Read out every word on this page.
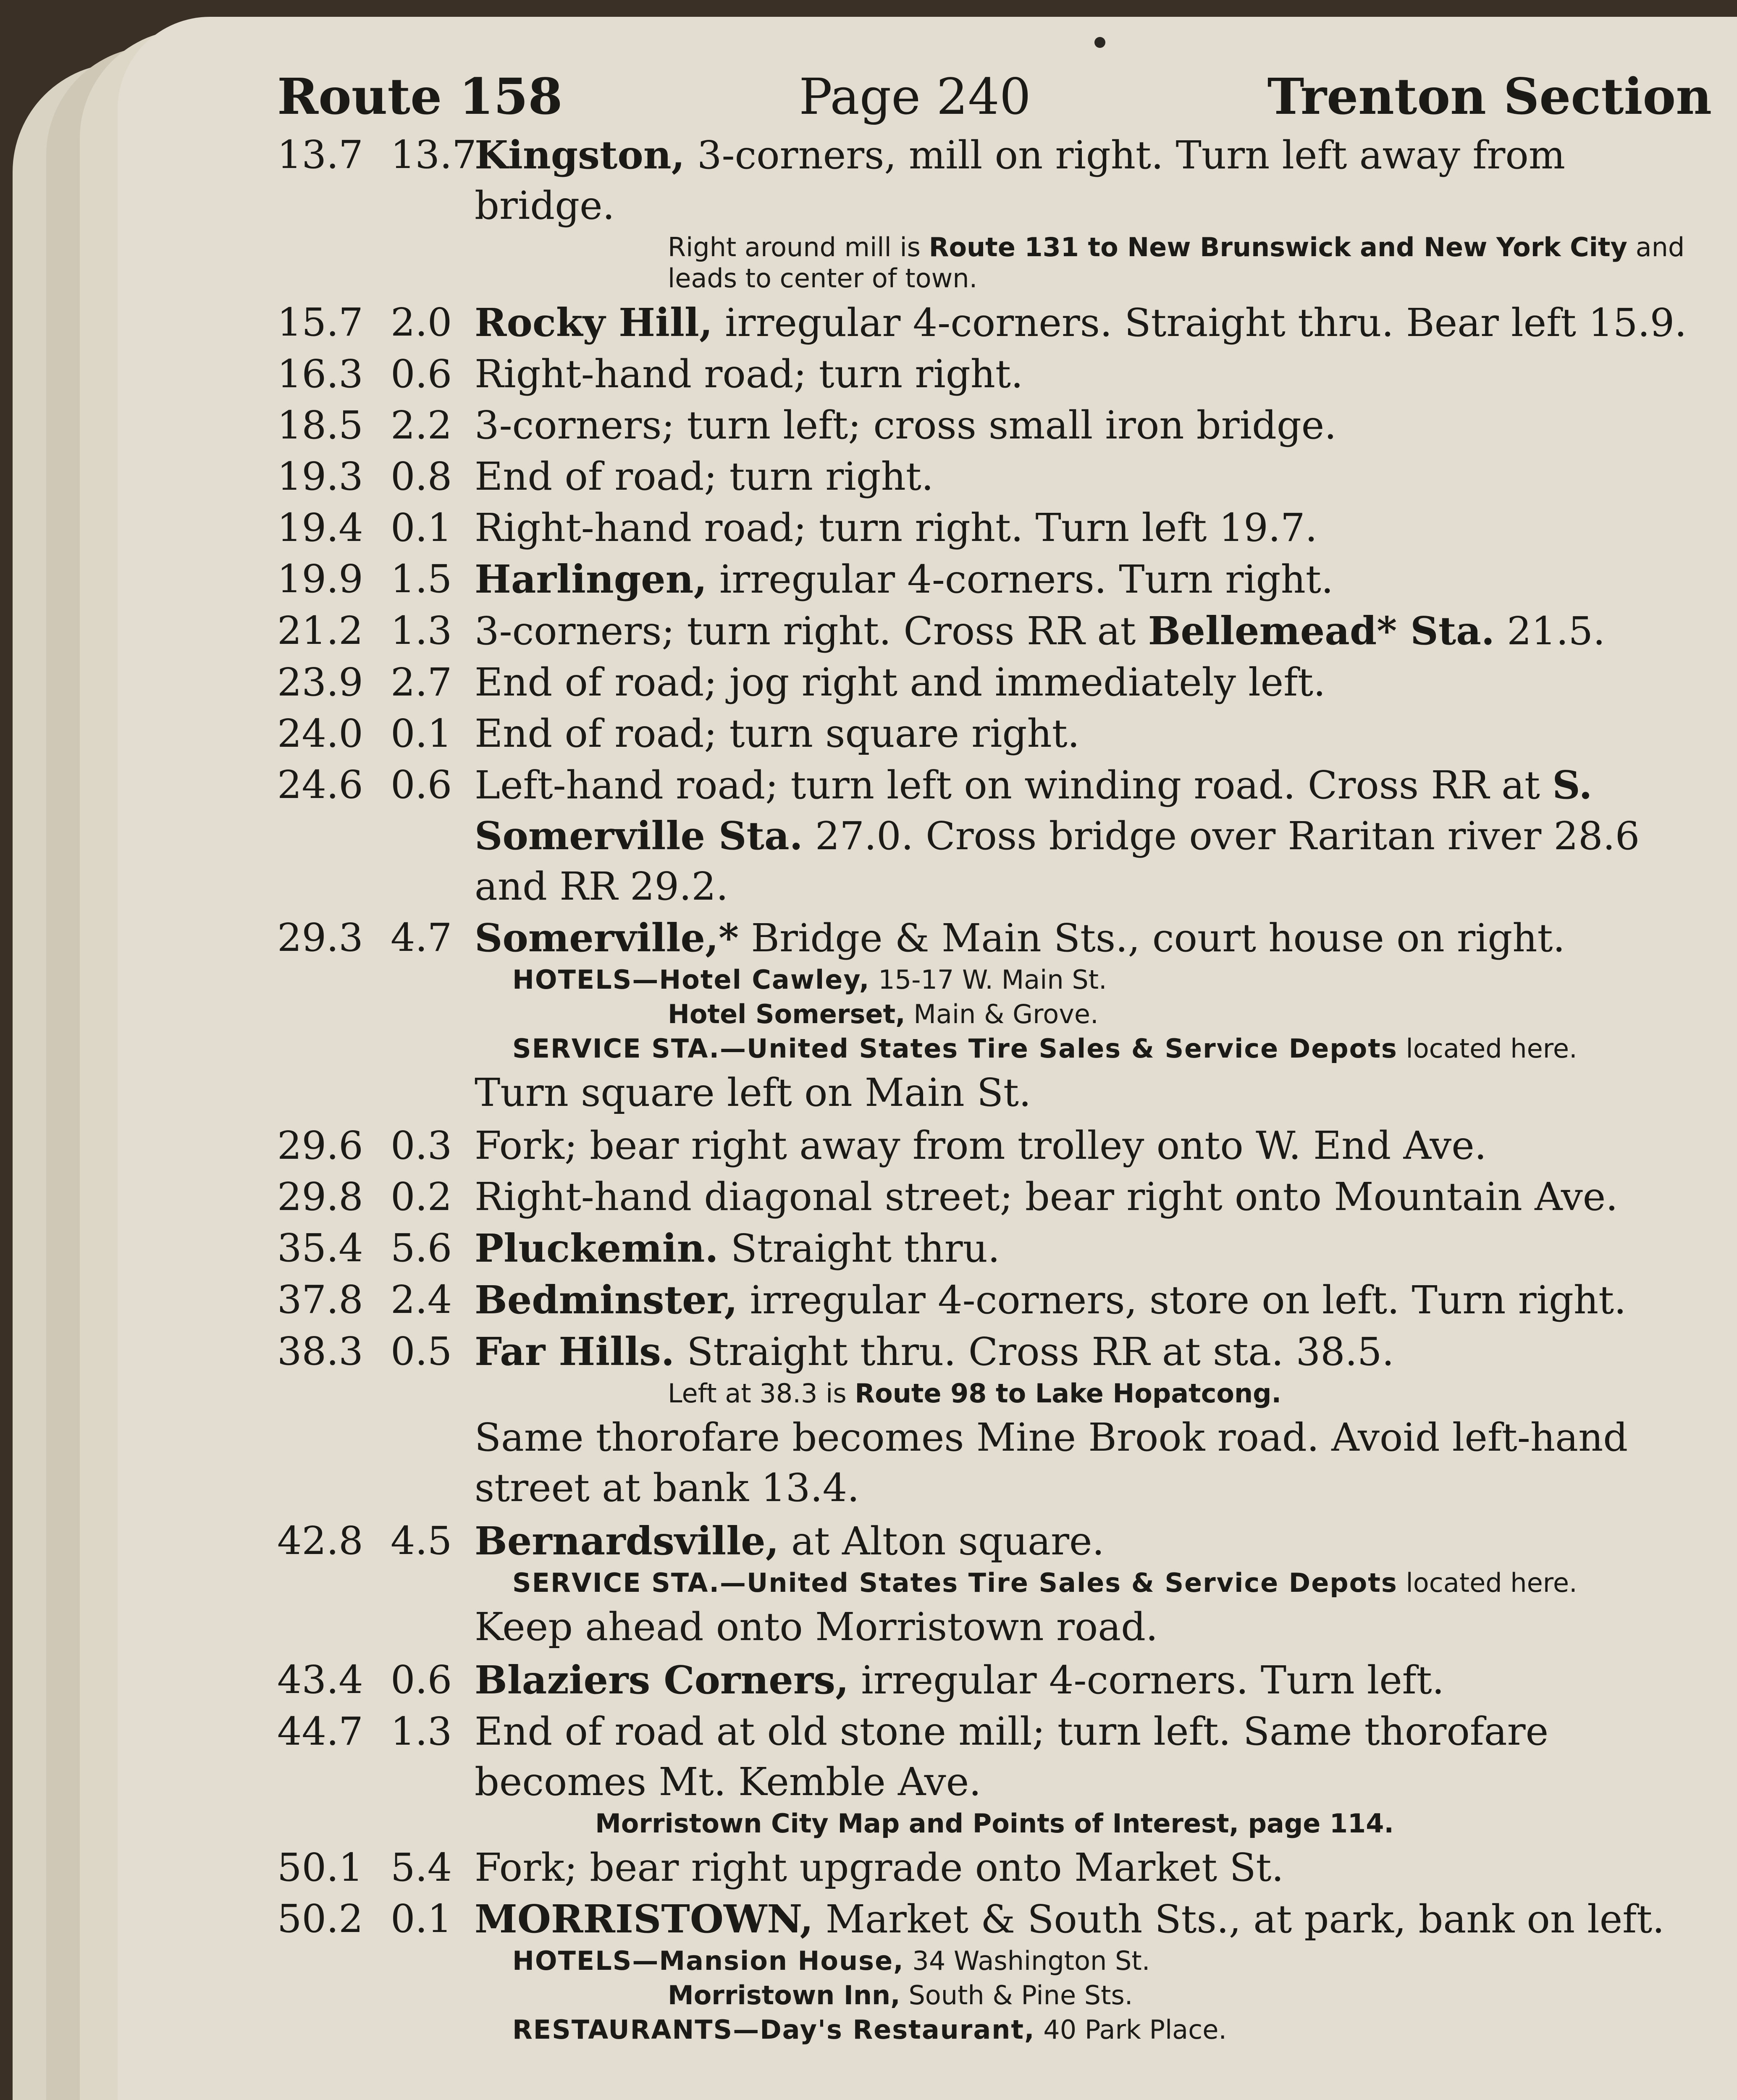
Route 158	Page 240	Trenton Section
13.7 13.7
Kingston, 3-corners, mill on right. Turn left away from bridge.
Right around mill is Route 131 to New Brunswick and New York City and leads to center of town.
15.7 2.0 Rocky Hill, irregular 4-corners. Straight thru. Bear left 15.9.
16.3 0.6 Right-hand road; turn right.
18.5 2.2 3-corners; turn left; cross small iron bridge.
19.3 0.8 End of road; turn right.
19.4 0.1 Right-hand road; turn right. Turn left 19.7.
19.9 1.5 Harlingen, irregular 4-corners. Turn right.
21.2 1.3 3-corners; turn right. Cross RR at Bellemead* Sta. 21.5.
23.9 2.7 End of road; jog right and immediately left.
24.0 0.1 End of road; turn square right.
24.6 0.6 Left-hand road; turn left on winding road. Cross RR at S. Somerville Sta. 27.0. Cross bridge over Raritan river 28.6 and RR 29.2.
29.3 4.7 Somerville,* Bridge & Main Sts., court house on right.
HOTELS—Hotel Cawley, 15-17 W. Main St.
Hotel Somerset, Main & Grove.
SERVICE STA.—United States Tire Sales & Service Depots located here.
Turn square left on Main St.
29.6 0.3 Fork; bear right away from trolley onto W. End Ave.
29.8 0.2 Right-hand diagonal street; bear right onto Mountain Ave.
35.4 5.6 Pluckemin. Straight thru.
37.8 2.4 Bedminster, irregular 4-corners, store on left. Turn right.
38.3 0.5 Far Hills. Straight thru. Cross RR at sta. 38.5.
Left at 38.3 is Route 98 to Lake Hopatcong.
Same thorofare becomes Mine Brook road. Avoid left-hand street at bank 13.4.
42.8 4.5 Bernardsville, at Alton square.
SERVICE STA.—United States Tire Sales & Service Depots located here.
Keep ahead onto Morristown road.
43.4 0.6 Blaziers Corners, irregular 4-corners. Turn left.
44.7 1.3 End of road at old stone mill; turn left. Same thorofare becomes Mt. Kemble Ave.
Morristown City Map and Points of Interest, page 114.
50.1 5.4 Fork; bear right upgrade onto Market St.
50.2 0.1 MORRISTOWN, Market & South Sts., at park, bank on left.
HOTELS—Mansion House, 34 Washington St.
Morristown Inn, South & Pine Sts.
RESTAURANTS—Day's Restaurant, 40 Park Place.
